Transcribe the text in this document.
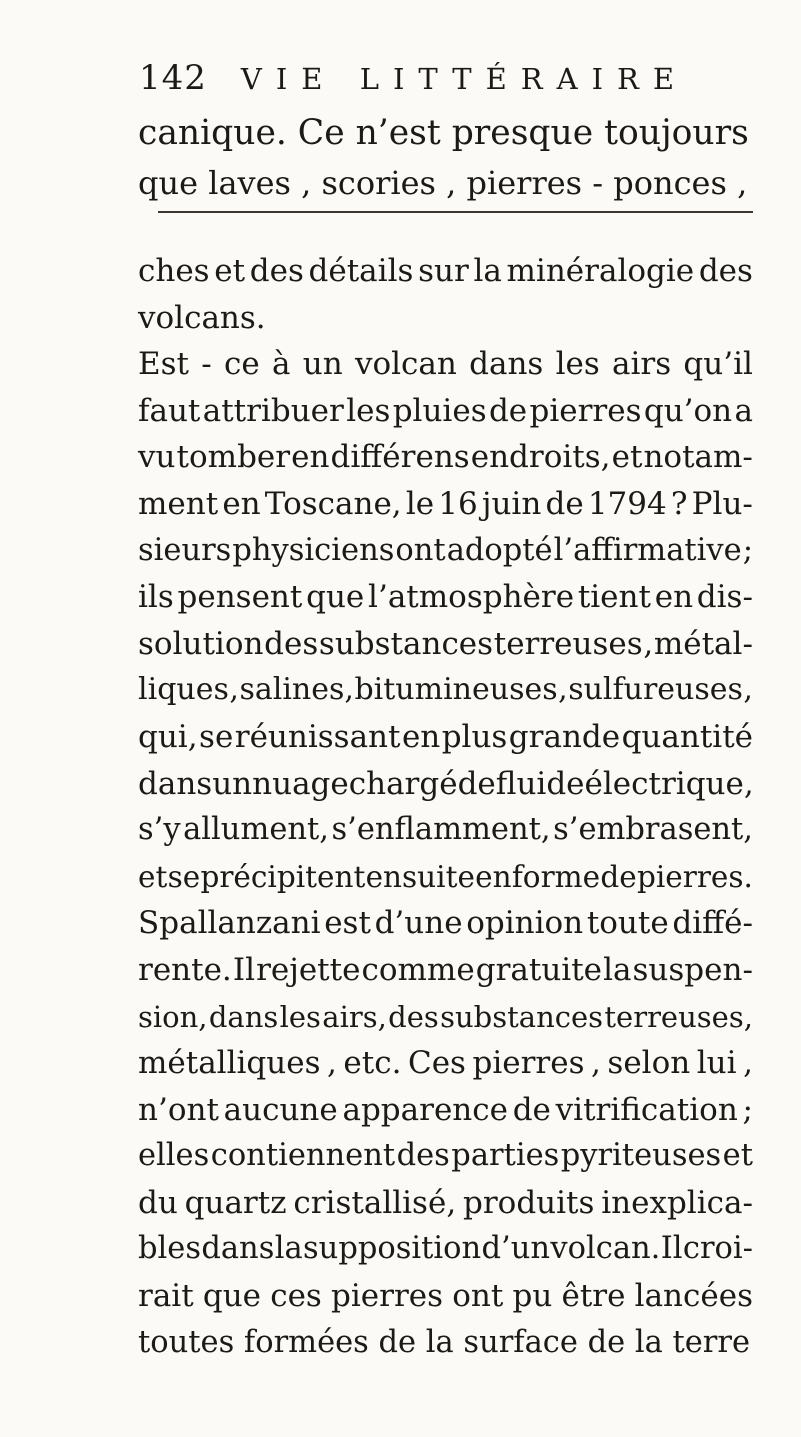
142 VIE LITTÉRAIRE
canique. Ce n’est presque toujours
que laves , scories , pierres - ponces ,
ches et des détails sur la minéralogie des
volcans.
Est - ce à un volcan dans les airs qu’il
faut attribuer les pluies de pierres qu’on a
vu tomber en différens endroits, et notam-
ment en Toscane, le 16 juin de 1794 ? Plu-
sieurs physiciens ont adopté l’affirmative ;
ils pensent que l’atmosphère tient en dis-
solution des substances terreuses , métal-
liques , salines, bitumineuses , sulfureuses ,
qui, se réunissant en plus grande quantité
dans un nuage chargé de fluide électrique,
s’y allument, s’enflamment, s’embrasent,
et se précipitent ensuite en forme de pierres.
Spallanzani est d’une opinion toute diffé-
rente. Il rejette comme gratuite la suspen-
sion, dans les airs, des substances terreuses,
métalliques , etc. Ces pierres , selon lui ,
n’ont aucune apparence de vitrification ;
elles contiennent des parties pyriteuses et
du quartz cristallisé, produits inexplica-
bles dans la supposition d’un volcan. Il croi-
rait que ces pierres ont pu être lancées
toutes formées de la surface de la terre
